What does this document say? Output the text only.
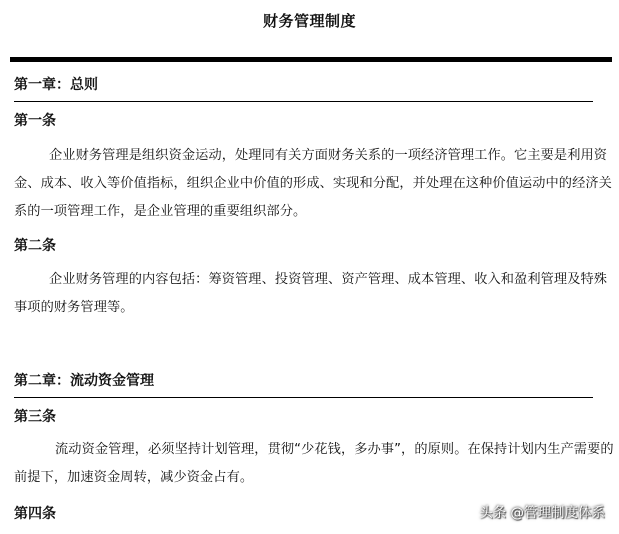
财务管理制度
第一章：总则
第一条

企业财务管理是组织资金运动，处理同有关方面财务关系的一项经济管理工作。它主要是利用资金、成本、收入等价值指标，组织企业中价值的形成、实现和分配，并处理在这种价值运动中的经济关系的一项管理工作，是企业管理的重要组织部分。

第二条

企业财务管理的内容包括：筹资管理、投资管理、资产管理、成本管理、收入和盈利管理及特殊事项的财务管理等。

第二章：流动资金管理
第三条

流动资金管理，必须坚持计划管理，贯彻“少花钱，多办事”，的原则。在保持计划内生产需要的前提下，加速资金周转，减少资金占有。

第四条	头条 @管理制度体系
